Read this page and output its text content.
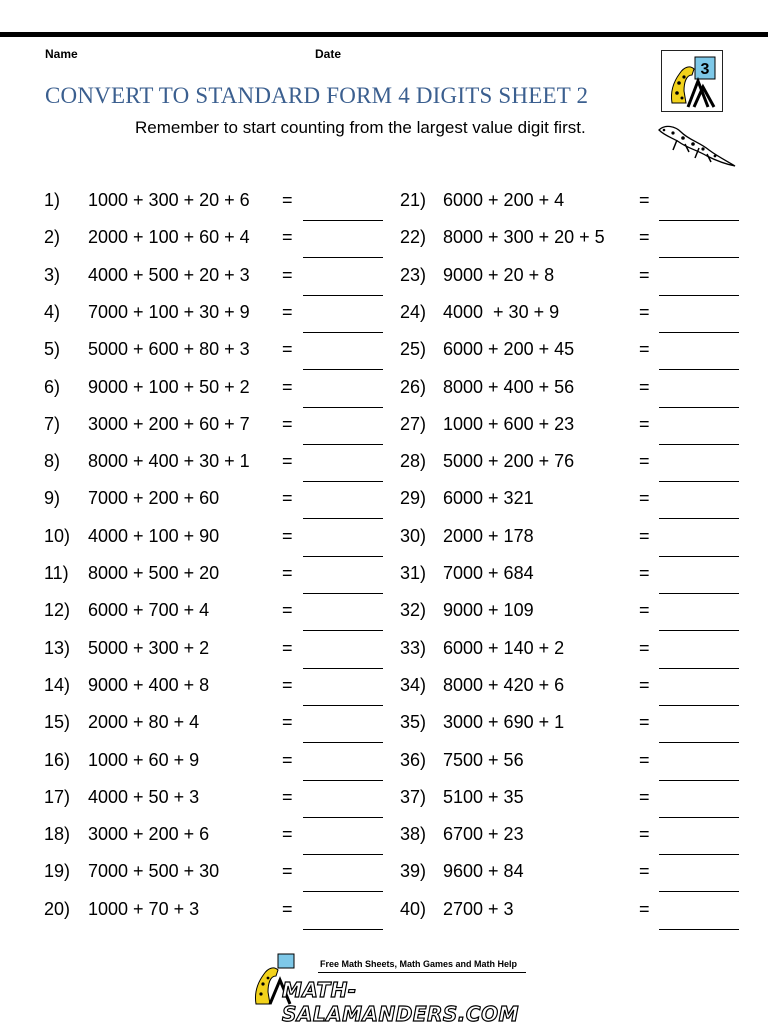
Name	Date
CONVERT TO STANDARD FORM 4 DIGITS SHEET 2
Remember to start counting from the largest value digit first.
3
1) 1000 + 300 + 20 + 6 =
2) 2000 + 100 + 60 + 4 =
3) 4000 + 500 + 20 + 3 =
4) 7000 + 100 + 30 + 9 =
5) 5000 + 600 + 80 + 3 =
6) 9000 + 100 + 50 + 2 =
7) 3000 + 200 + 60 + 7 =
8) 8000 + 400 + 30 + 1 =
9) 7000 + 200 + 60	=
10) 4000 + 100 + 90	=
11) 8000 + 500 + 20	=
12) 6000 + 700 + 4	=
13) 5000 + 300 + 2	=
14) 9000 + 400 + 8	=
15) 2000 + 80 + 4	=
16) 1000 + 60 + 9	=
17) 4000 + 50 + 3	=
18) 3000 + 200 + 6	=
19) 7000 + 500 + 30	=
20) 1000 + 70 + 3	=
21) 6000 + 200 + 4	=
22) 8000 + 300 + 20 + 5 =
23) 9000 + 20 + 8	=
24) 4000  + 30 + 9	=
25) 6000 + 200 + 45	=
26) 8000 + 400 + 56	=
27) 1000 + 600 + 23	=
28) 5000 + 200 + 76	=
29) 6000 + 321	=
30) 2000 + 178	=
31) 7000 + 684	=
32) 9000 + 109	=
33) 6000 + 140 + 2	=
34) 8000 + 420 + 6	=
35) 3000 + 690 + 1	=
36) 7500 + 56	=
37) 5100 + 35	=
38) 6700 + 23	=
39) 9600 + 84	=
40) 2700 + 3	=
Free Math Sheets, Math Games and Math Help
MATH-SALAMANDERS.COM
